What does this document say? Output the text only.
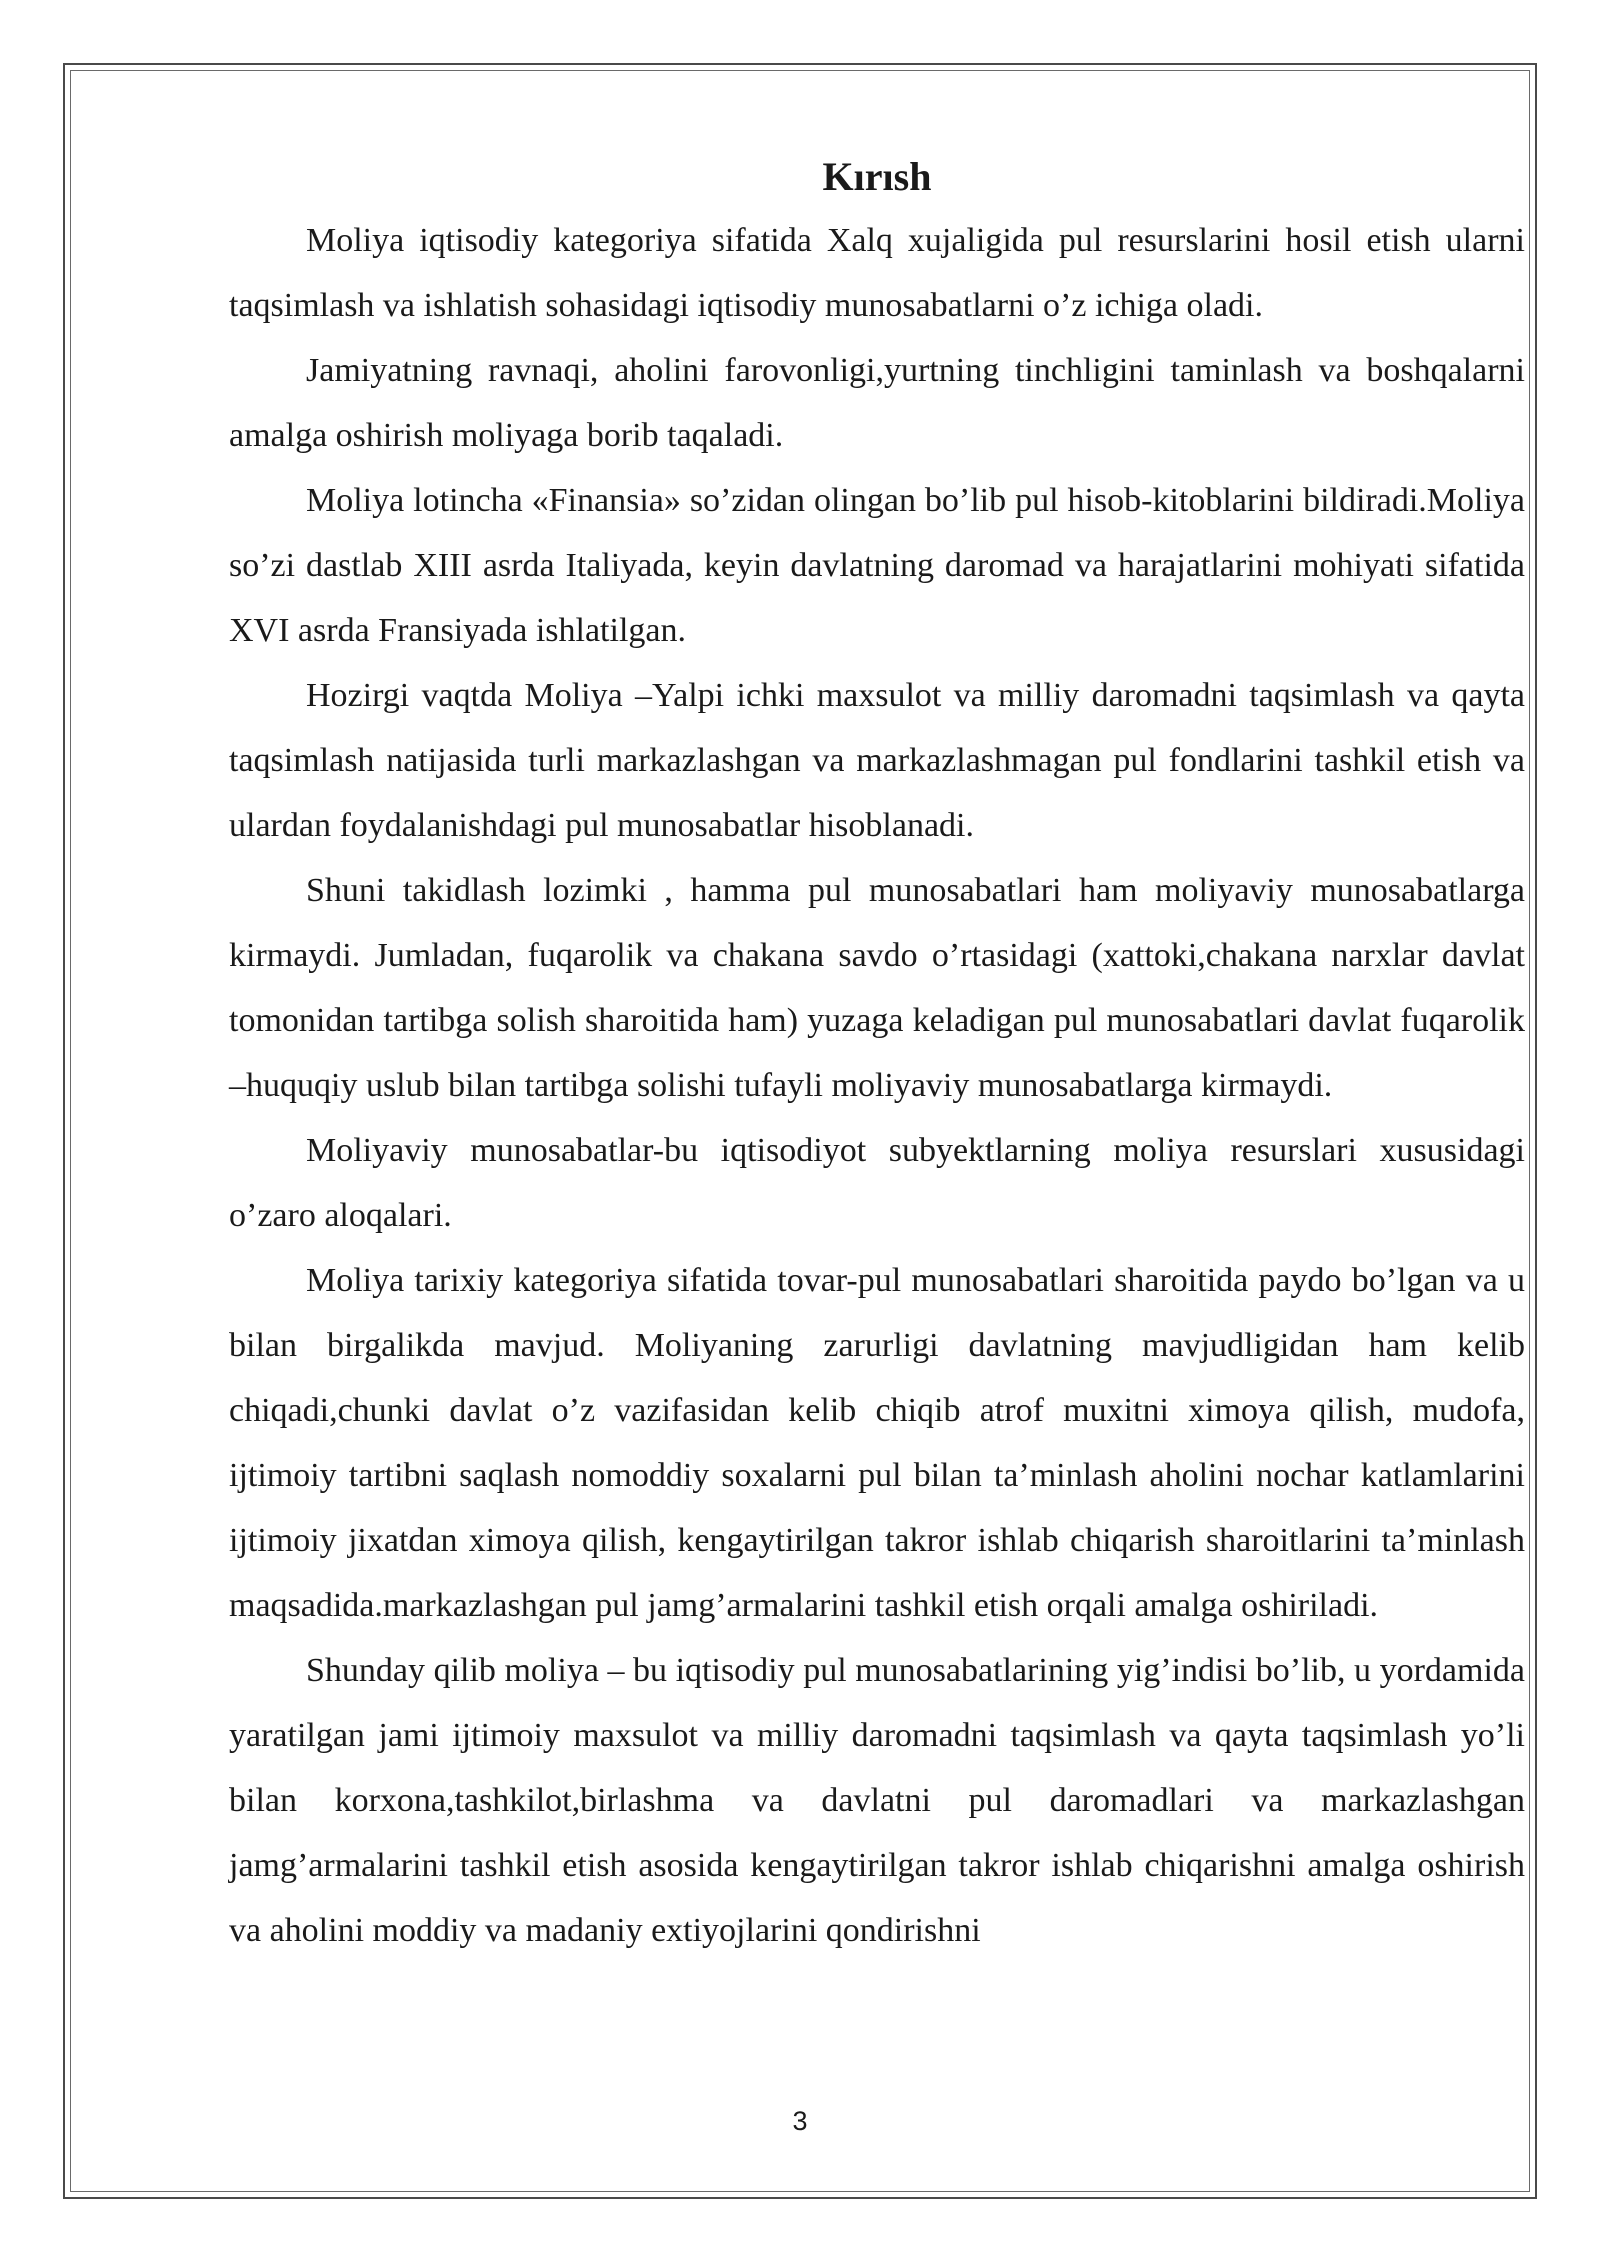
Kırısh

Moliya iqtisodiy kategoriya sifatida Xalq xujaligida pul resurslarini hosil etish ularni taqsimlash va ishlatish sohasidagi iqtisodiy munosabatlarni o’z ichiga oladi.

Jamiyatning ravnaqi, aholini farovonligi,yurtning tinchligini taminlash va boshqalarni amalga oshirish moliyaga borib taqaladi.

Moliya lotincha «Finansia» so’zidan olingan bo’lib pul hisob-kitoblarini bildiradi.Moliya so’zi dastlab XIII asrda Italiyada, keyin davlatning daromad va harajatlarini mohiyati sifatida XVI asrda Fransiyada ishlatilgan.

Hozirgi vaqtda Moliya –Yalpi ichki maxsulot va milliy daromadni taqsimlash va qayta taqsimlash natijasida turli markazlashgan va markazlashmagan pul fondlarini tashkil etish va ulardan foydalanishdagi pul munosabatlar hisoblanadi.

Shuni takidlash lozimki , hamma pul munosabatlari ham moliyaviy munosabatlarga kirmaydi. Jumladan, fuqarolik va chakana savdo o’rtasidagi (xattoki,chakana narxlar davlat tomonidan tartibga solish sharoitida ham) yuzaga keladigan pul munosabatlari davlat fuqarolik –huquqiy uslub bilan tartibga solishi tufayli moliyaviy munosabatlarga kirmaydi.

Moliyaviy munosabatlar-bu iqtisodiyot subyektlarning moliya resurslari xususidagi o’zaro aloqalari.

Moliya tarixiy kategoriya sifatida tovar-pul munosabatlari sharoitida paydo bo’lgan va u bilan birgalikda mavjud. Moliyaning zarurligi davlatning mavjudligidan ham kelib chiqadi,chunki davlat o’z vazifasidan kelib chiqib atrof muxitni ximoya qilish, mudofa, ijtimoiy tartibni saqlash nomoddiy soxalarni pul bilan ta’minlash aholini nochar katlamlarini ijtimoiy jixatdan ximoya qilish, kengaytirilgan takror ishlab chiqarish sharoitlarini ta’minlash maqsadida.markazlashgan pul jamg’armalarini tashkil etish orqali amalga oshiriladi.

Shunday qilib moliya – bu iqtisodiy pul munosabatlarining yig’indisi bo’lib, u yordamida yaratilgan jami ijtimoiy maxsulot va milliy daromadni taqsimlash va qayta taqsimlash yo’li bilan korxona,tashkilot,birlashma va davlatni pul daromadlari va markazlashgan jamg’armalarini tashkil etish asosida kengaytirilgan takror ishlab chiqarishni amalga oshirish va aholini moddiy va madaniy extiyojlarini qondirishni

3
